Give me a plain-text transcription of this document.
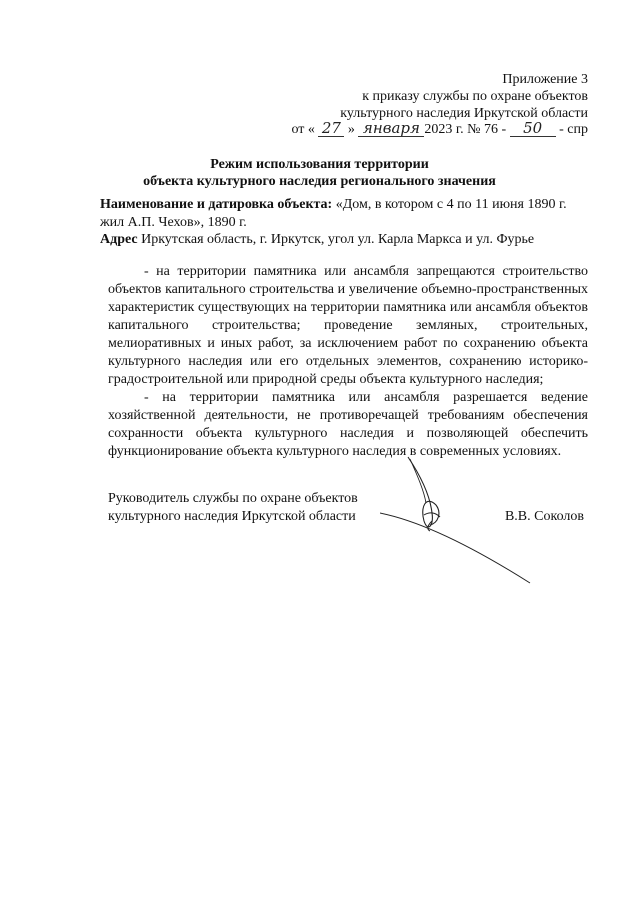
Приложение 3
к приказу службы по охране объектов
культурного наследия Иркутской области
от « 27 » января 2023 г. № 76 - 50 - спр
Режим использования территории
объекта культурного наследия регионального значения
Наименование и датировка объекта: «Дом, в котором с 4 по 11 июня 1890 г. жил А.П. Чехов», 1890 г.
Адрес Иркутская область, г. Иркутск, угол ул. Карла Маркса и ул. Фурье

- на территории памятника или ансамбля запрещаются строительство объектов капитального строительства и увеличение объемно-пространственных характеристик существующих на территории памятника или ансамбля объектов капитального строительства; проведение земляных, строительных, мелиоративных и иных работ, за исключением работ по сохранению объекта культурного наследия или его отдельных элементов, сохранению историко-градостроительной или природной среды объекта культурного наследия;

- на территории памятника или ансамбля разрешается ведение хозяйственной деятельности, не противоречащей требованиям обеспечения сохранности объекта культурного наследия и позволяющей обеспечить функционирование объекта культурного наследия в современных условиях.

Руководитель службы по охране объектов
культурного наследия Иркутской области	В.В. Соколов
